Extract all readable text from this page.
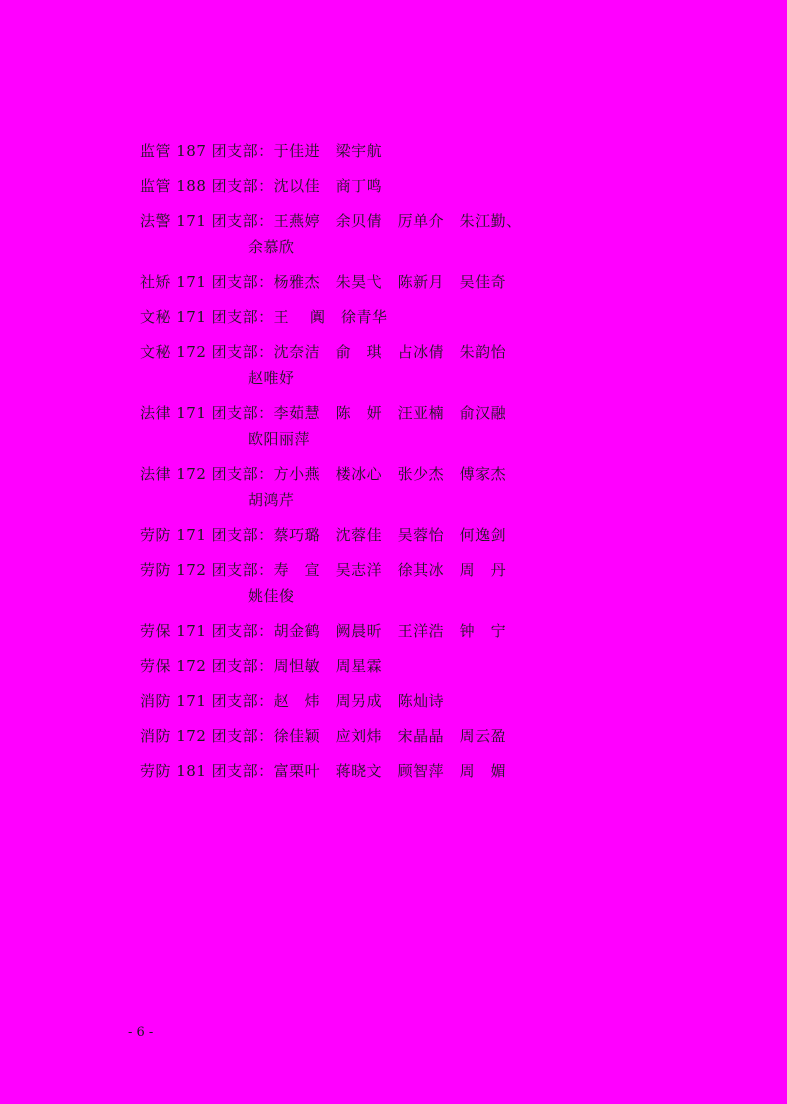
监管 187 团支部：于佳进　梁宇航
监管 188 团支部：沈以佳　商丁鸣
法警 171 团支部：王燕婷　余贝倩　厉单介　朱江勤、
余慕欣
社矫 171 团支部：杨雅杰　朱昊弋　陈新月　吴佳奇
文秘 171 团支部：王　 阗　徐青华
文秘 172 团支部：沈奈洁　俞　琪　占冰倩　朱韵怡
赵唯妤
法律 171 团支部：李茹慧　陈　妍　汪亚楠　俞汉融
欧阳丽萍
法律 172 团支部：方小燕　楼冰心　张少杰　傅家杰
胡鸿芹
劳防 171 团支部：蔡巧璐　沈蓉佳　吴蓉怡　何逸剑
劳防 172 团支部：寿　宣　吴志洋　徐其冰　周　丹
姚佳俊
劳保 171 团支部：胡金鹤　阙晨昕　王洋浩　钟　宁
劳保 172 团支部：周怛敏　周星霖
消防 171 团支部：赵　炜　周另成　陈灿诗
消防 172 团支部：徐佳颖　应刘炜　宋晶晶　周云盈
劳防 181 团支部：富栗叶　蒋晓文　顾智萍　周　媚
- 6 -
